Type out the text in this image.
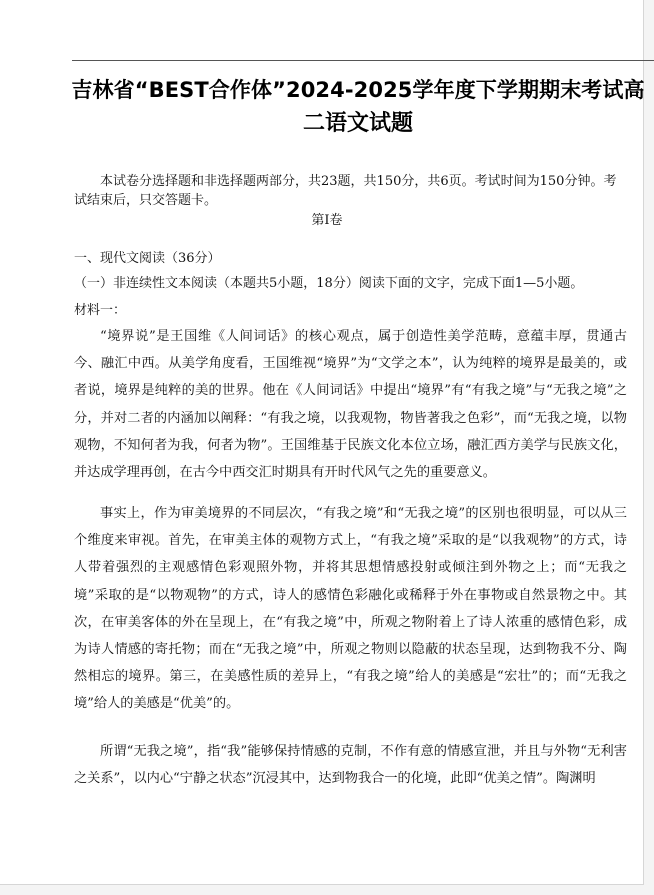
吉林省“BEST合作体”2024-2025学年度下学期期末考试高
二语文试题

本试卷分选择题和非选择题两部分，共23题，共150分，共6页。考试时间为150分钟。考试结束后，只交答题卡。

第Ⅰ卷
一、现代文阅读（36分）
（一）非连续性文本阅读（本题共5小题，18分）阅读下面的文字，完成下面1—5小题。
材料一：

“境界说”是王国维《人间词话》的核心观点，属于创造性美学范畴，意蕴丰厚，贯通古今、融汇中西。从美学角度看，王国维视“境界”为“文学之本”，认为纯粹的境界是最美的，或者说，境界是纯粹的美的世界。他在《人间词话》中提出“境界”有“有我之境”与“无我之境”之分，并对二者的内涵加以阐释：“有我之境，以我观物，物皆著我之色彩”，而“无我之境，以物观物，不知何者为我，何者为物”。王国维基于民族文化本位立场，融汇西方美学与民族文化，并达成学理再创，在古今中西交汇时期具有开时代风气之先的重要意义。

事实上，作为审美境界的不同层次，“有我之境”和“无我之境”的区别也很明显，可以从三个维度来审视。首先，在审美主体的观物方式上，“有我之境”采取的是“以我观物”的方式，诗人带着强烈的主观感情色彩观照外物，并将其思想情感投射或倾注到外物之上；而“无我之境”采取的是“以物观物”的方式，诗人的感情色彩融化或稀释于外在事物或自然景物之中。其次，在审美客体的外在呈现上，在“有我之境”中，所观之物附着上了诗人浓重的感情色彩，成为诗人情感的寄托物；而在“无我之境”中，所观之物则以隐蔽的状态呈现，达到物我不分、陶然相忘的境界。第三，在美感性质的差异上，“有我之境”给人的美感是“宏壮”的；而“无我之境”给人的美感是“优美”的。

所谓“无我之境”，指“我”能够保持情感的克制，不作有意的情感宣泄，并且与外物“无利害之关系”，以内心“宁静之状态”沉浸其中，达到物我合一的化境，此即“优美之情”。陶渊明
